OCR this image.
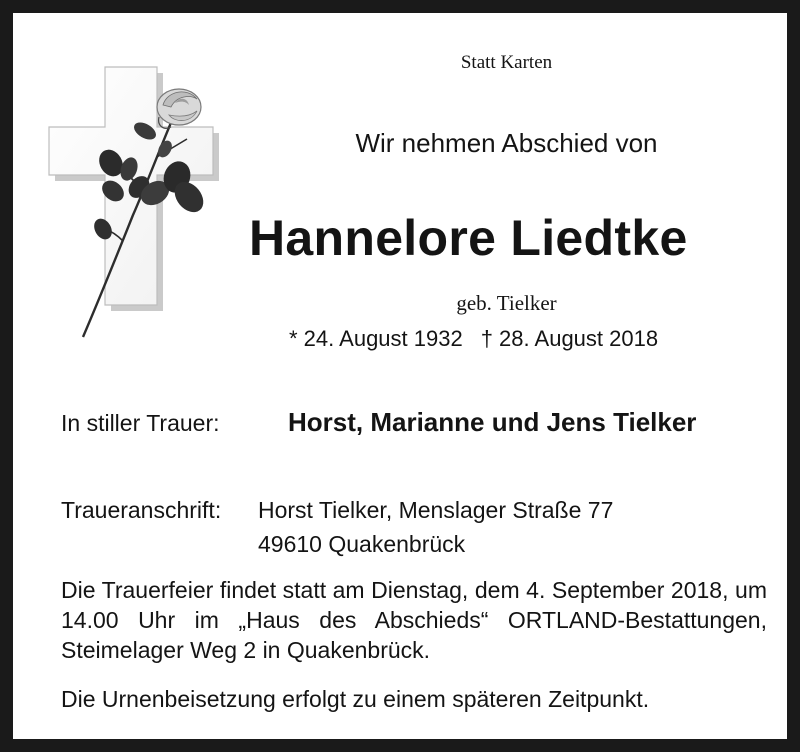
Statt Karten
Wir nehmen Abschied von
Hannelore Liedtke
geb. Tielker
* 24. August 1932 † 28. August 2018
In stiller Trauer:	Horst, Marianne und Jens Tielker
Traueranschrift: Horst Tielker, Menslager Straße 77
49610 Quakenbrück
Die Trauerfeier findet statt am Dienstag, dem 4. September 2018, um 14.00 Uhr im „Haus des Abschieds“ ORTLAND-Bestattungen, Steimelager Weg 2 in Quakenbrück.
Die Urnenbeisetzung erfolgt zu einem späteren Zeitpunkt.
